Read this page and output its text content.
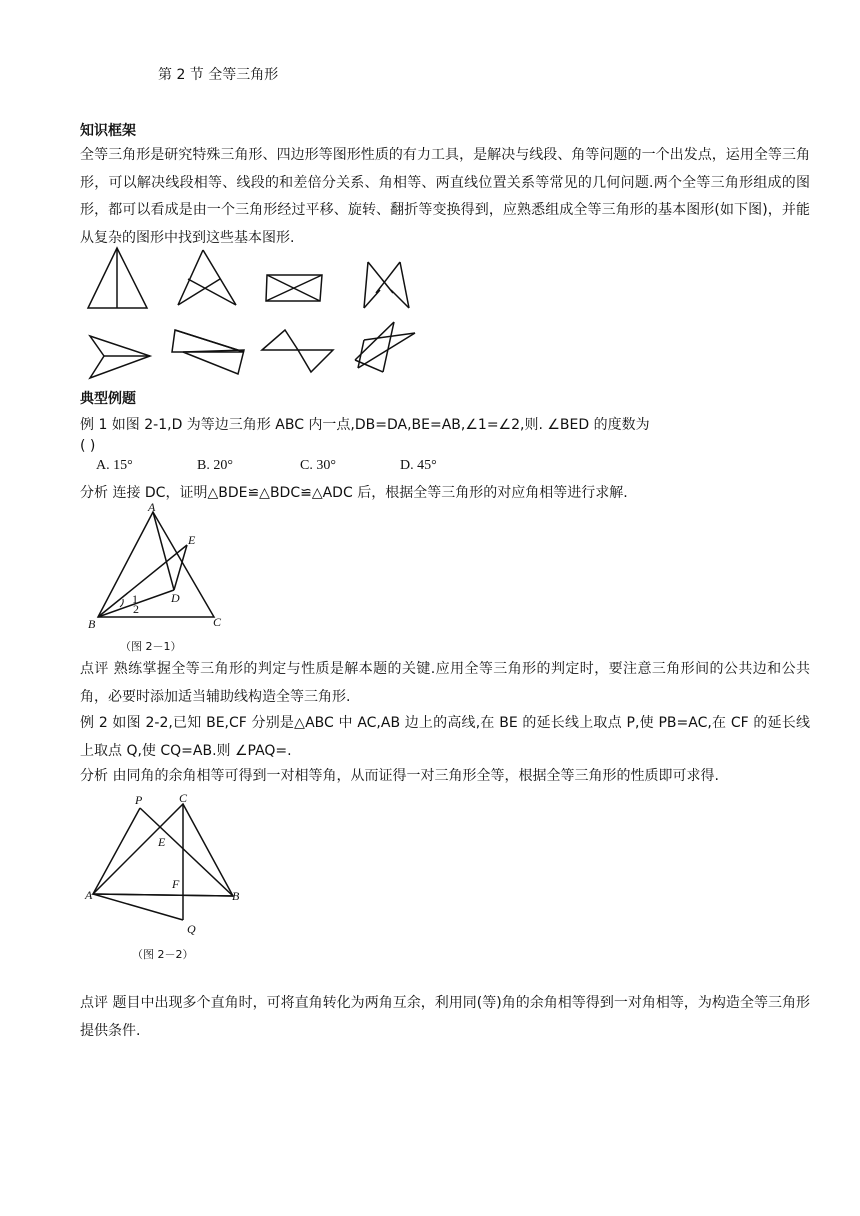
第 2 节 全等三角形
知识框架
全等三角形是研究特殊三角形、四边形等图形性质的有力工具，是解决与线段、角等问题的一个出发点，运用全等三角形，可以解决线段相等、线段的和差倍分关系、角相等、两直线位置关系等常见的几何问题.两个全等三角形组成的图形，都可以看成是由一个三角形经过平移、旋转、翻折等变换得到，应熟悉组成全等三角形的基本图形(如下图)，并能从复杂的图形中找到这些基本图形.
典型例题
例 1 如图 2-1,D 为等边三角形 ABC 内一点,DB=DA,BE=AB,∠1=∠2,则. ∠BED 的度数为
( )
A. 15°	B. 20°	C. 30°	D. 45°
分析 连接 DC，证明△BDE≌△BDC≌△ADC 后，根据全等三角形的对应角相等进行求解.
A
E
D
B	C
1
2
（图 2－1）
点评 熟练掌握全等三角形的判定与性质是解本题的关键.应用全等三角形的判定时，要注意三角形间的公共边和公共角，必要时添加适当辅助线构造全等三角形.
例 2 如图 2-2,已知 BE,CF 分别是△ABC 中 AC,AB 边上的高线,在 BE 的延长线上取点 P,使 PB=AC,在 CF 的延长线上取点 Q,使 CQ=AB.则 ∠PAQ=.
分析 由同角的余角相等可得到一对相等角，从而证得一对三角形全等，根据全等三角形的性质即可求得.
P	C
E
F
A	B
Q
（图 2－2）
点评 题目中出现多个直角时，可将直角转化为两角互余，利用同(等)角的余角相等得到一对角相等，为构造全等三角形提供条件.
